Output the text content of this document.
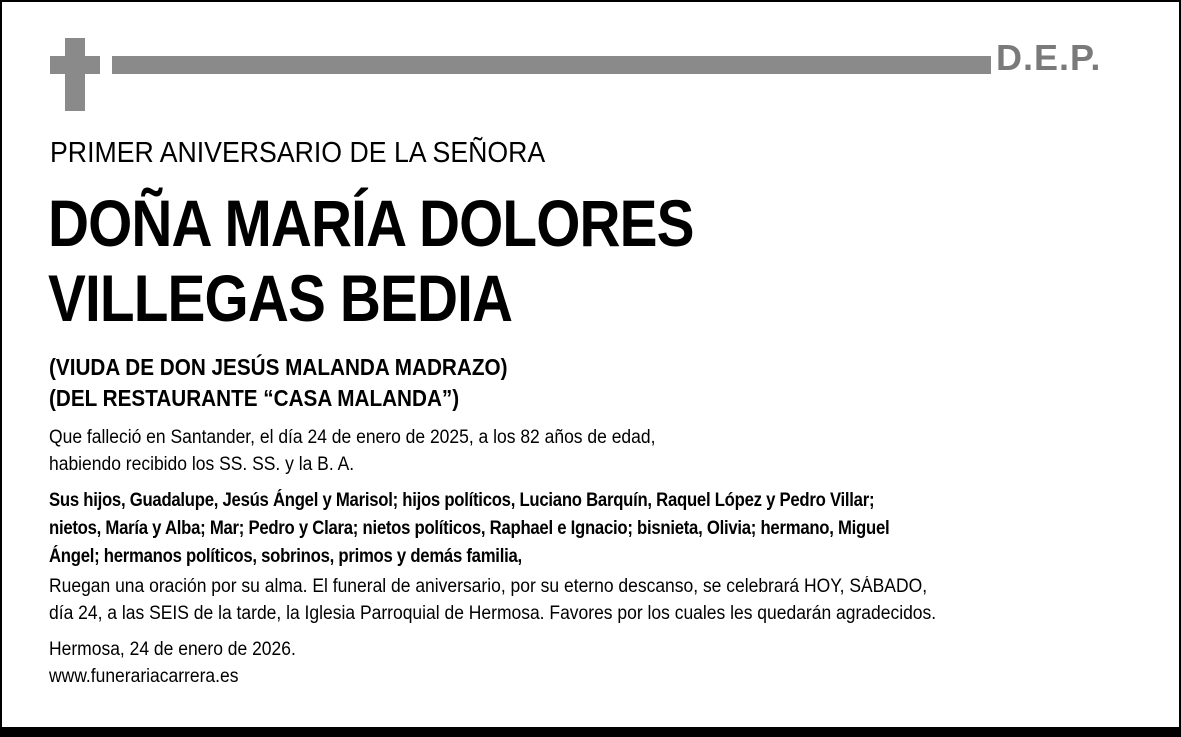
D.E.P.
PRIMER ANIVERSARIO DE LA SEÑORA
DOÑA MARÍA DOLORES
VILLEGAS BEDIA
(VIUDA DE DON JESÚS MALANDA MADRAZO)
(DEL RESTAURANTE “CASA MALANDA”)
Que falleció en Santander, el día 24 de enero de 2025, a los 82 años de edad,
habiendo recibido los SS. SS. y la B. A.
Sus hijos, Guadalupe, Jesús Ángel y Marisol; hijos políticos, Luciano Barquín, Raquel López y Pedro Villar;
nietos, María y Alba; Mar; Pedro y Clara; nietos políticos, Raphael e Ignacio; bisnieta, Olivia; hermano, Miguel
Ángel; hermanos políticos, sobrinos, primos y demás familia,
Ruegan una oración por su alma. El funeral de aniversario, por su eterno descanso, se celebrará HOY, SÁBADO,
día 24, a las SEIS de la tarde, la Iglesia Parroquial de Hermosa. Favores por los cuales les quedarán agradecidos.
Hermosa, 24 de enero de 2026.
www.funerariacarrera.es
